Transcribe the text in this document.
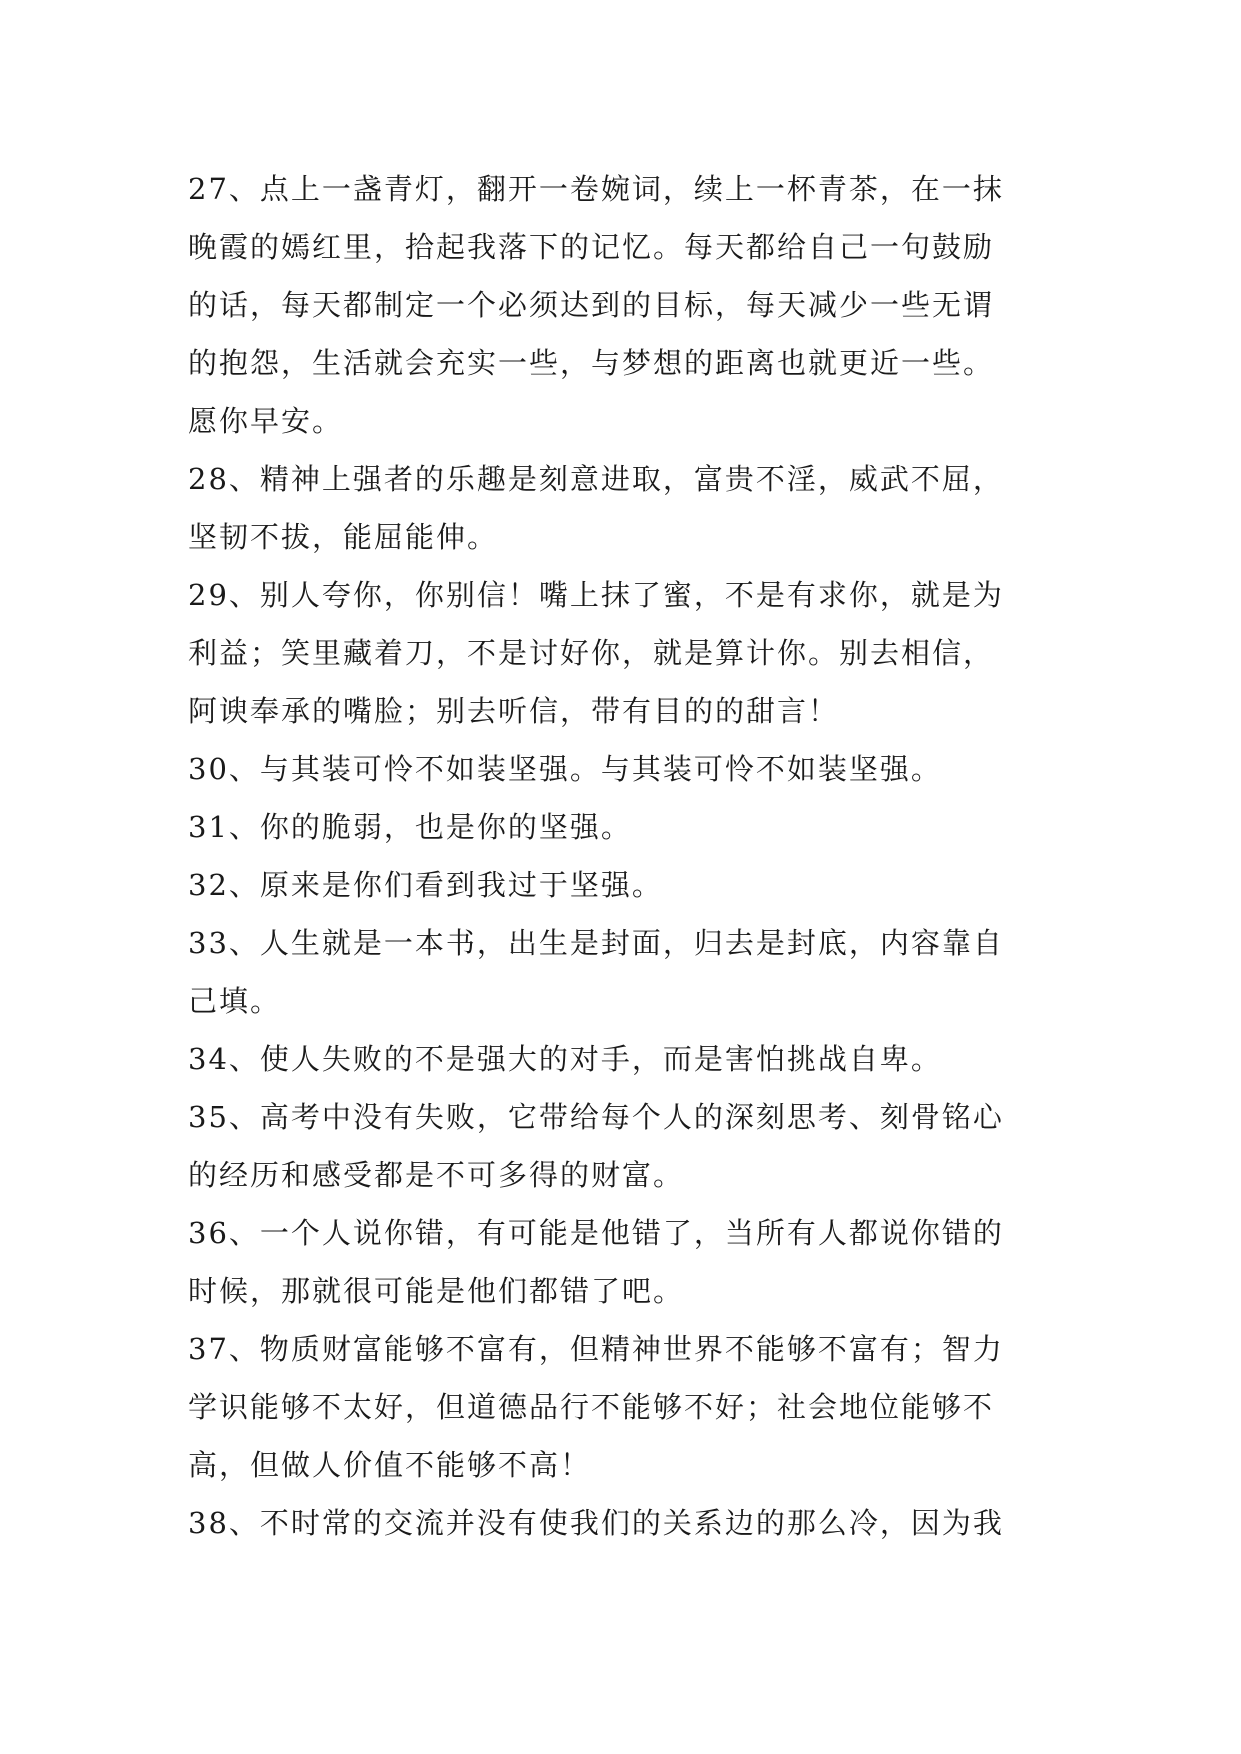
27、点上一盏青灯，翻开一卷婉词，续上一杯青茶，在一抹
晚霞的嫣红里，拾起我落下的记忆。每天都给自己一句鼓励
的话，每天都制定一个必须达到的目标，每天减少一些无谓
的抱怨，生活就会充实一些，与梦想的距离也就更近一些。
愿你早安。
28、精神上强者的乐趣是刻意进取，富贵不淫，威武不屈，
坚韧不拔，能屈能伸。
29、别人夸你，你别信！嘴上抹了蜜，不是有求你，就是为
利益；笑里藏着刀，不是讨好你，就是算计你。别去相信，
阿谀奉承的嘴脸；别去听信，带有目的的甜言！
30、与其装可怜不如装坚强。与其装可怜不如装坚强。
31、你的脆弱，也是你的坚强。
32、原来是你们看到我过于坚强。
33、人生就是一本书，出生是封面，归去是封底，内容靠自
己填。
34、使人失败的不是强大的对手，而是害怕挑战自卑。
35、高考中没有失败，它带给每个人的深刻思考、刻骨铭心
的经历和感受都是不可多得的财富。
36、一个人说你错，有可能是他错了，当所有人都说你错的
时候，那就很可能是他们都错了吧。
37、物质财富能够不富有，但精神世界不能够不富有；智力
学识能够不太好，但道德品行不能够不好；社会地位能够不
高，但做人价值不能够不高！
38、不时常的交流并没有使我们的关系边的那么冷，因为我
